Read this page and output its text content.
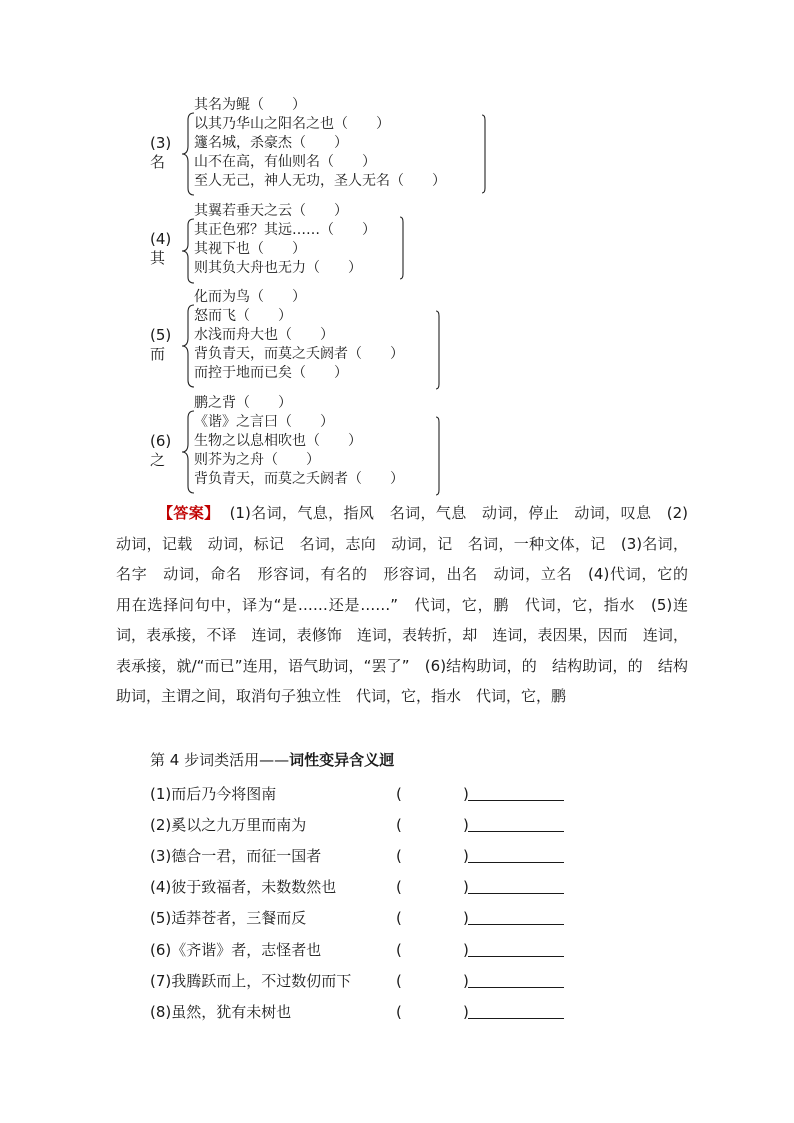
其名为鲲（　　）
(3)名
以其乃华山之阳名之也（　　）
籧名城，杀豪杰（　　）
山不在高，有仙则名（　　）
至人无己，神人无功，圣人无名（　　）
其翼若垂天之云（　　）
(4)其
其正色邪？其远……（　　）
其视下也（　　）
则其负大舟也无力（　　）
化而为鸟（　　）
(5)而
怒而飞（　　）
水浅而舟大也（　　）
背负青天，而莫之夭阏者（　　）
而控于地而已矣（　　）
鹏之背（　　）
(6)之
《谐》之言曰（　　）
生物之以息相吹也（　　）
则芥为之舟（　　）
背负青天，而莫之夭阏者（　　）
【答案】 (1)名词，气息，指风　名词，气息　动词，停止　动词，叹息　(2)动词，记载　动词，标记　名词，志向　动词，记　名词，一种文体，记　(3)名词，名字　动词，命名　形容词，有名的　形容词，出名　动词，立名　(4)代词，它的　用在选择问句中，译为“是……还是……”　代词，它，鹏　代词，它，指水　(5)连词，表承接，不译　连词，表修饰　连词，表转折，却　连词，表因果，因而　连词，表承接，就/“而已”连用，语气助词，“罢了”　(6)结构助词，的　结构助词，的　结构助词，主谓之间，取消句子独立性　代词，它，指水　代词，它，鹏
第 4 步词类活用——词性变异含义迥
(1)而后乃今将图南	(	)
(2)奚以之九万里而南为	(	)
(3)德合一君，而征一国者	(	)
(4)彼于致福者，未数数然也	(	)
(5)适莽苍者，三餐而反	(	)
(6)《齐谐》者，志怪者也	(	)
(7)我腾跃而上，不过数仞而下	(	)
(8)虽然，犹有未树也	(	)
